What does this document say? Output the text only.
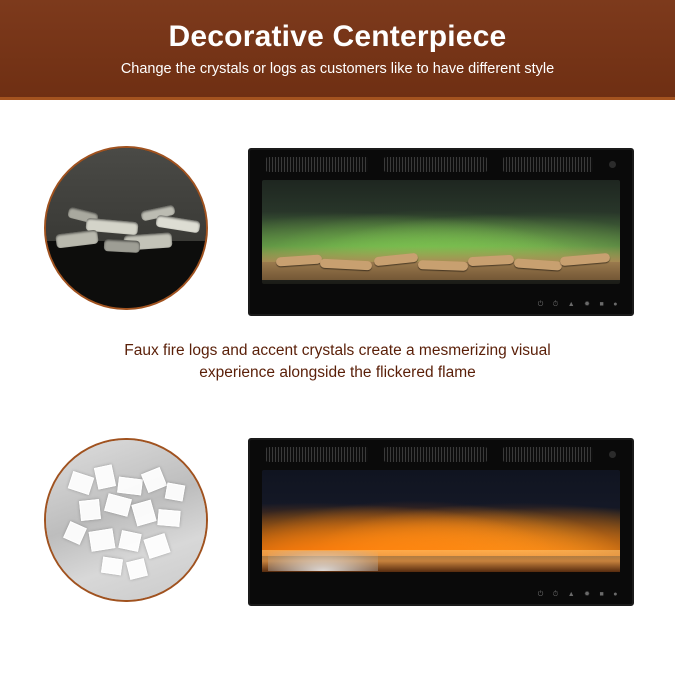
Decorative Centerpiece
Change the crystals or logs as customers like to have different style
⏻ ⏱ ▲ ✹ ■ ●
Faux fire logs and accent crystals create a mesmerizing visual
experience alongside the flickered flame
⏻ ⏱ ▲ ✹ ■ ●
